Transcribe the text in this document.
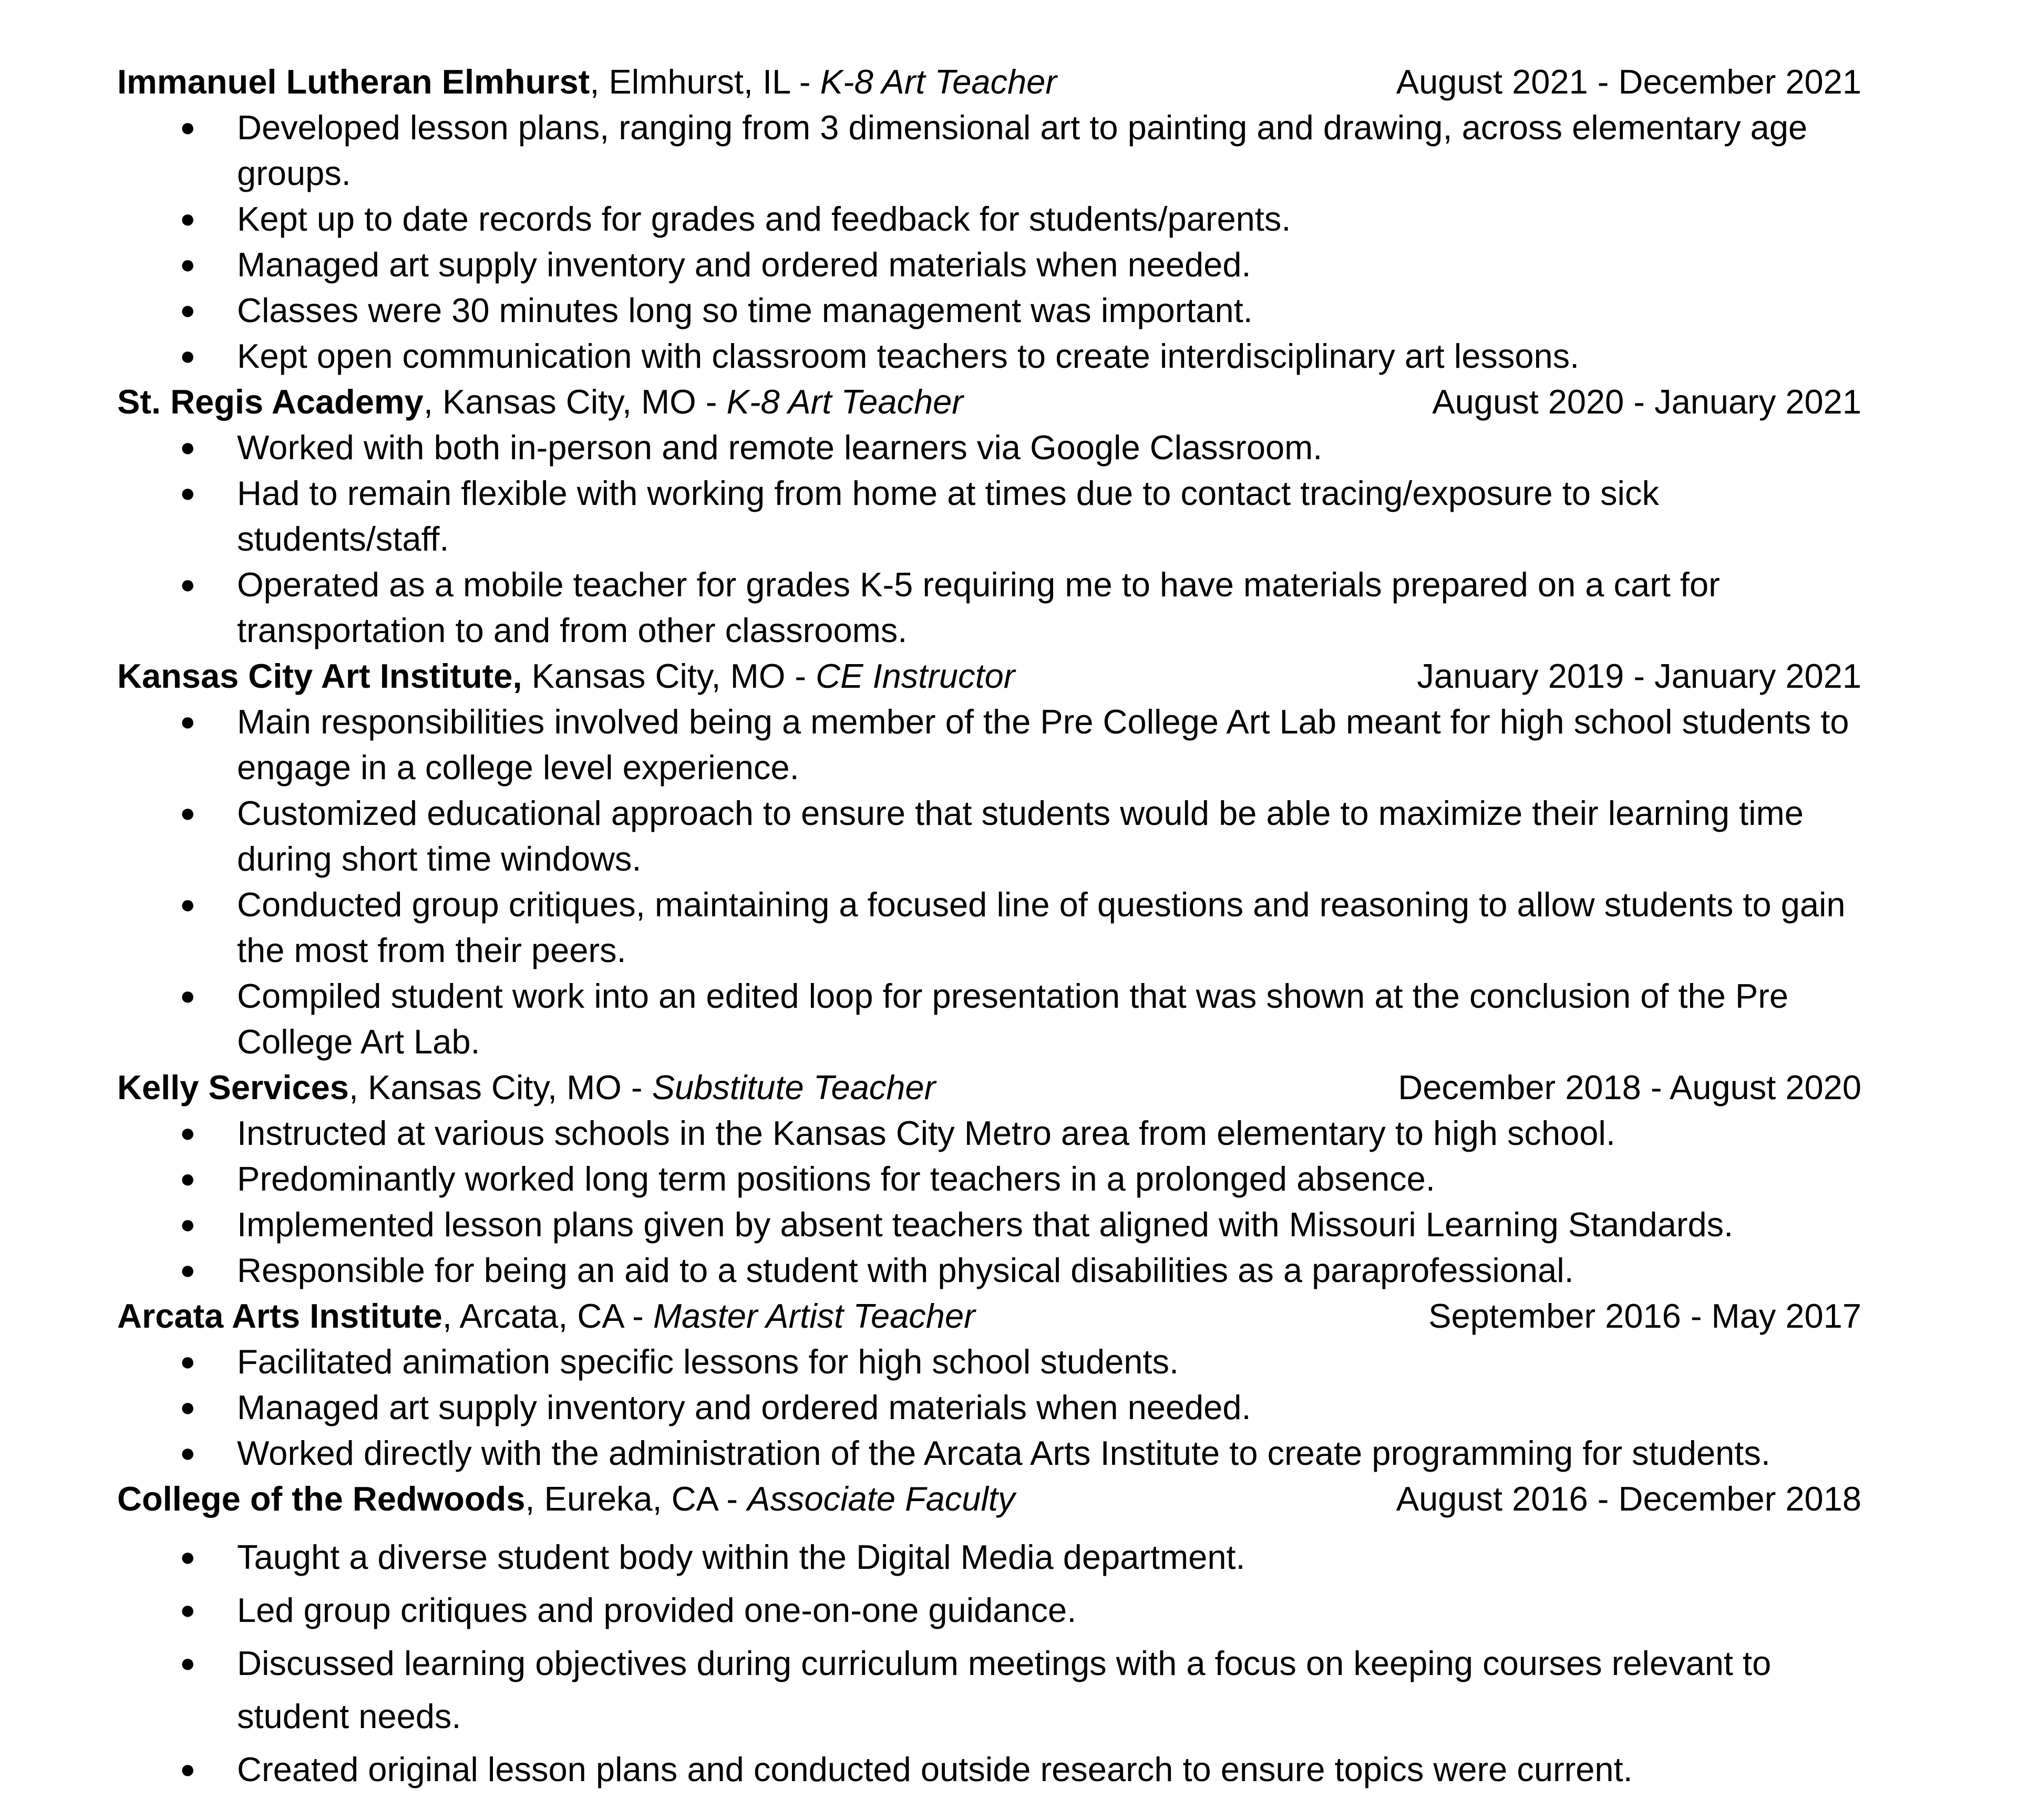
Immanuel Lutheran Elmhurst, Elmhurst, IL - K-8 Art Teacher	August 2021 - December 2021
● Developed lesson plans, ranging from 3 dimensional art to painting and drawing, across elementary age groups.
● Kept up to date records for grades and feedback for students/parents.
● Managed art supply inventory and ordered materials when needed.
● Classes were 30 minutes long so time management was important.
● Kept open communication with classroom teachers to create interdisciplinary art lessons.
St. Regis Academy, Kansas City, MO - K-8 Art Teacher	August 2020 - January 2021
● Worked with both in-person and remote learners via Google Classroom.
● Had to remain flexible with working from home at times due to contact tracing/exposure to sick students/staff.
● Operated as a mobile teacher for grades K-5 requiring me to have materials prepared on a cart for transportation to and from other classrooms.
Kansas City Art Institute, Kansas City, MO - CE Instructor	January 2019 - January 2021
● Main responsibilities involved being a member of the Pre College Art Lab meant for high school students to engage in a college level experience.
● Customized educational approach to ensure that students would be able to maximize their learning time during short time windows.
● Conducted group critiques, maintaining a focused line of questions and reasoning to allow students to gain the most from their peers.
● Compiled student work into an edited loop for presentation that was shown at the conclusion of the Pre College Art Lab.
Kelly Services, Kansas City, MO - Substitute Teacher	December 2018 - August 2020
● Instructed at various schools in the Kansas City Metro area from elementary to high school.
● Predominantly worked long term positions for teachers in a prolonged absence.
● Implemented lesson plans given by absent teachers that aligned with Missouri Learning Standards.
● Responsible for being an aid to a student with physical disabilities as a paraprofessional.
Arcata Arts Institute, Arcata, CA - Master Artist Teacher	September 2016 - May 2017
● Facilitated animation specific lessons for high school students.
● Managed art supply inventory and ordered materials when needed.
● Worked directly with the administration of the Arcata Arts Institute to create programming for students.
College of the Redwoods, Eureka, CA - Associate Faculty	August 2016 - December 2018
● Taught a diverse student body within the Digital Media department.
● Led group critiques and provided one-on-one guidance.
● Discussed learning objectives during curriculum meetings with a focus on keeping courses relevant to student needs.
● Created original lesson plans and conducted outside research to ensure topics were current.
